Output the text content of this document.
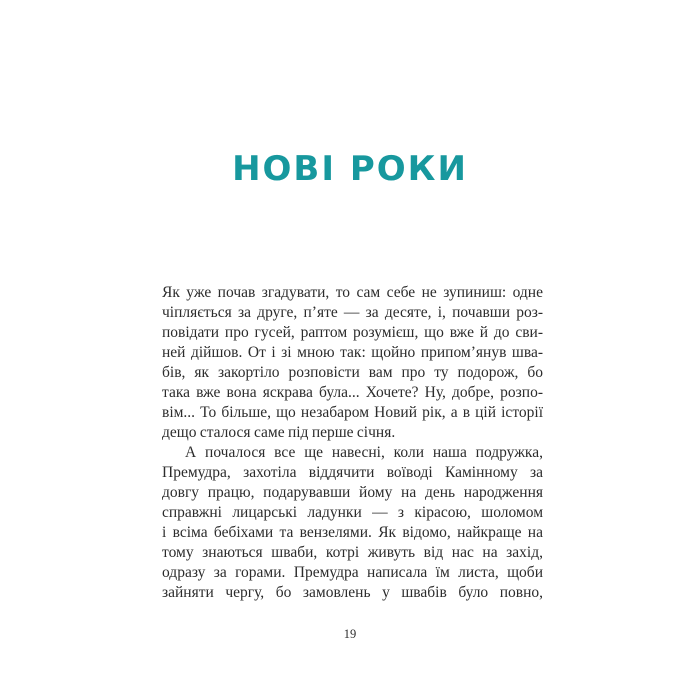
НОВІ РОКИ
Як уже почав згадувати, то сам себе не зупиниш: одне
чіпляється за друге, п’яте — за десяте, і, почавши роз-
повідати про гусей, раптом розумієш, що вже й до сви-
ней дійшов. От і зі мною так: щойно припом’янув шва-
бів, як закортіло розповісти вам про ту подорож, бо
така вже вона яскрава була... Хочете? Ну, добре, розпо-
вім... То більше, що незабаром Новий рік, а в цій історії
дещо сталося саме під перше січня.
А почалося все ще навесні, коли наша подружка,
Премудра, захотіла віддячити воїводі Камінному за
довгу працю, подарувавши йому на день народження
справжні лицарські ладунки — з кірасою, шоломом
і всіма бебіхами та вензелями. Як відомо, найкраще на
тому знаються шваби, котрі живуть від нас на захід,
одразу за горами. Премудра написала їм листа, щоби
зайняти чергу, бо замовлень у швабів було повно,
19
